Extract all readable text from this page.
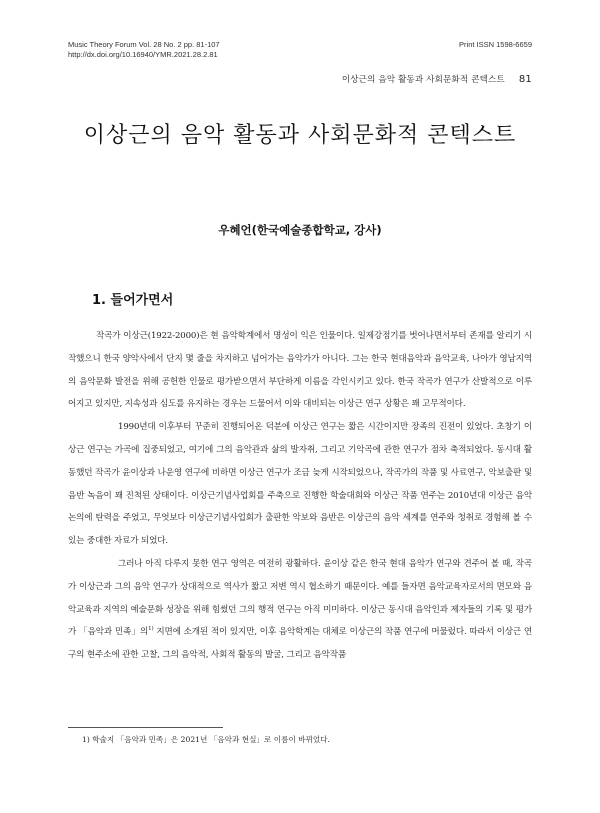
Music Theory Forum Vol. 28 No. 2 pp. 81-107
http://dx.doi.org/10.16940/YMR.2021.28.2.81
Print ISSN 1598-6659
이상근의 음악 활동과 사회문화적 콘텍스트 81
이상근의 음악 활동과 사회문화적 콘텍스트
우혜언(한국예술종합학교, 강사)
1. 들어가면서

작곡가 이상근(1922-2000)은 현 음악학계에서 명성이 익은 인물이다. 일제강점기를 벗어나면서부터 존재를 알리기 시작했으니 한국 양악사에서 단지 몇 줄을 차지하고 넘어가는 음악가가 아니다. 그는 한국 현대음악과 음악교육, 나아가 영남지역의 음악문화 발전을 위해 공헌한 인물로 평가받으면서 부단하게 이름을 각인시키고 있다. 한국 작곡가 연구가 산발적으로 이루어지고 있지만, 지속성과 심도를 유지하는 경우는 드물어서 이와 대비되는 이상근 연구 상황은 꽤 고무적이다.

1990년대 이후부터 꾸준히 진행되어온 덕분에 이상근 연구는 짧은 시간이지만 장족의 진전이 있었다. 초창기 이상근 연구는 가곡에 집중되었고, 여기에 그의 음악관과 삶의 발자취, 그리고 기악곡에 관한 연구가 점차 축적되었다. 동시대 활동했던 작곡가 윤이상과 나운영 연구에 비하면 이상근 연구가 조금 늦게 시작되었으나, 작곡가의 작품 및 사료연구, 악보출판 및 음반 녹음이 꽤 진척된 상태이다. 이상근기념사업회를 주축으로 진행한 학술대회와 이상근 작품 연주는 2010년대 이상근 음악 논의에 탄력을 주었고, 무엇보다 이상근기념사업회가 출판한 악보와 음반은 이상근의 음악 세계를 연주와 청취로 경험해 볼 수 있는 중대한 자료가 되었다.

그러나 아직 다루지 못한 연구 영역은 여전히 광활하다. 윤이상 같은 한국 현대 음악가 연구와 견주어 볼 때, 작곡가 이상근과 그의 음악 연구가 상대적으로 역사가 짧고 저변 역시 협소하기 때문이다. 예를 들자면 음악교육자로서의 면모와 음악교육과 지역의 예술문화 성장을 위해 힘썼던 그의 행적 연구는 아직 미미하다. 이상근 동시대 음악인과 제자들의 기록 및 평가가 「음악과 민족」의$^{1)}$ 지면에 소개된 적이 있지만, 이후 음악학계는 대체로 이상근의 작품 연구에 머물렀다. 따라서 이상근 연구의 현주소에 관한 고찰, 그의 음악적, 사회적 활동의 발굴, 그리고 음악작품

1) 학술지 「음악과 민족」은 2021년 「음악과 현실」로 이름이 바뀌었다.
